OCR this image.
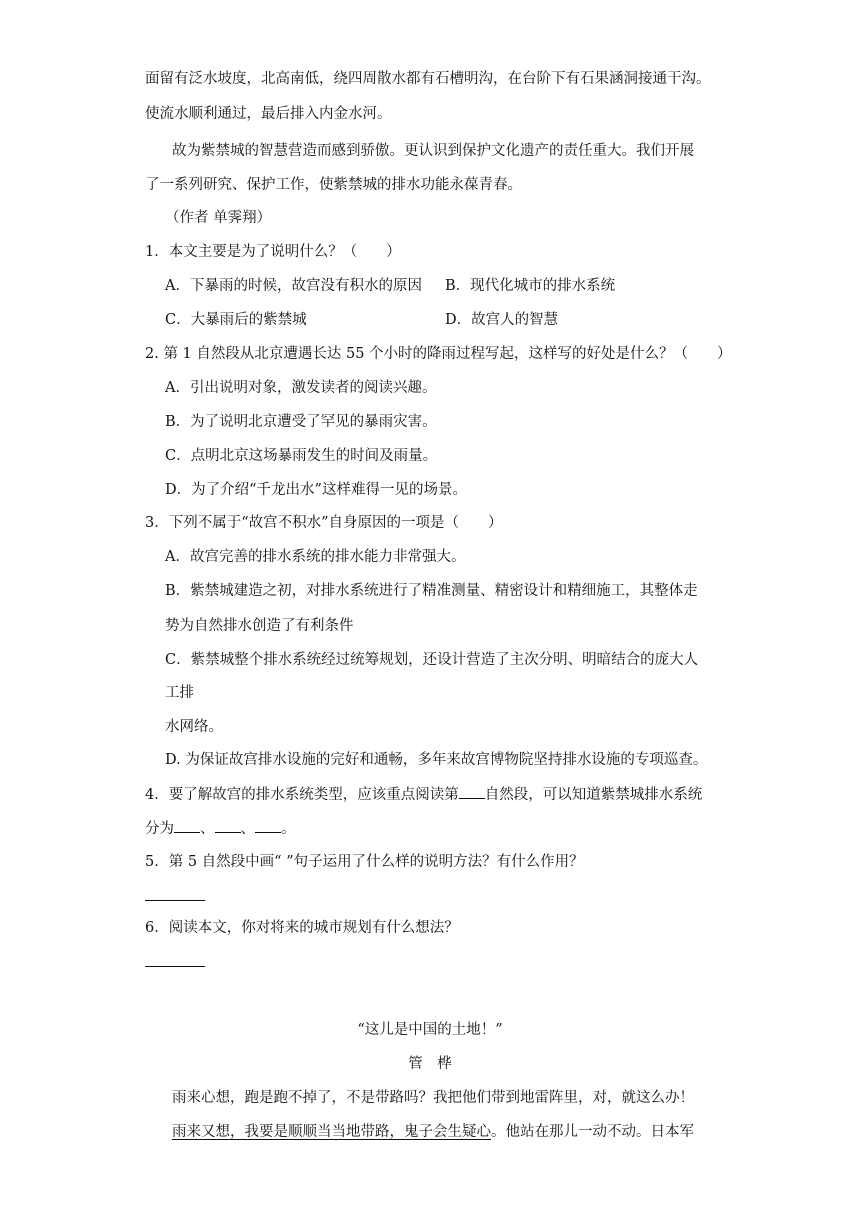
面留有泛水坡度，北高南低，绕四周散水都有石槽明沟，在台阶下有石果涵洞接通干沟。
使流水顺利通过，最后排入内金水河。
故为紫禁城的智慧营造而感到骄傲。更认识到保护文化遗产的责任重大。我们开展
了一系列研究、保护工作，使紫禁城的排水功能永葆青春。
（作者 单霁翔）
1．本文主要是为了说明什么？（　　）
A．下暴雨的时候，故宫没有积水的原因 B．现代化城市的排水系统
C．大暴雨后的紫禁城	D．故宫人的智慧
2. 第 1 自然段从北京遭遇长达 55 个小时的降雨过程写起，这样写的好处是什么？（　　）
A．引出说明对象，激发读者的阅读兴趣。
B．为了说明北京遭受了罕见的暴雨灾害。
C．点明北京这场暴雨发生的时间及雨量。
D．为了介绍“千龙出水”这样难得一见的场景。
3．下列不属于“故宫不积水”自身原因的一项是（　　）
A．故宫完善的排水系统的排水能力非常强大。
B．紫禁城建造之初，对排水系统进行了精准测量、精密设计和精细施工，其整体走
势为自然排水创造了有利条件
C．紫禁城整个排水系统经过统筹规划，还设计营造了主次分明、明暗结合的庞大人
工排
水网络。
D. 为保证故宫排水设施的完好和通畅，多年来故宫博物院坚持排水设施的专项巡查。
4．要了解故宫的排水系统类型，应该重点阅读第 自然段，可以知道紫禁城排水系统
分为 、 、 。
5．第 5 自然段中画“ ”句子运用了什么样的说明方法？有什么作用？
6．阅读本文，你对将来的城市规划有什么想法？
“这儿是中国的土地！”
管　桦
雨来心想，跑是跑不掉了，不是带路吗？我把他们带到地雷阵里，对，就这么办！
雨来又想，我要是顺顺当当地带路，鬼子会生疑心。他站在那儿一动不动。日本军
